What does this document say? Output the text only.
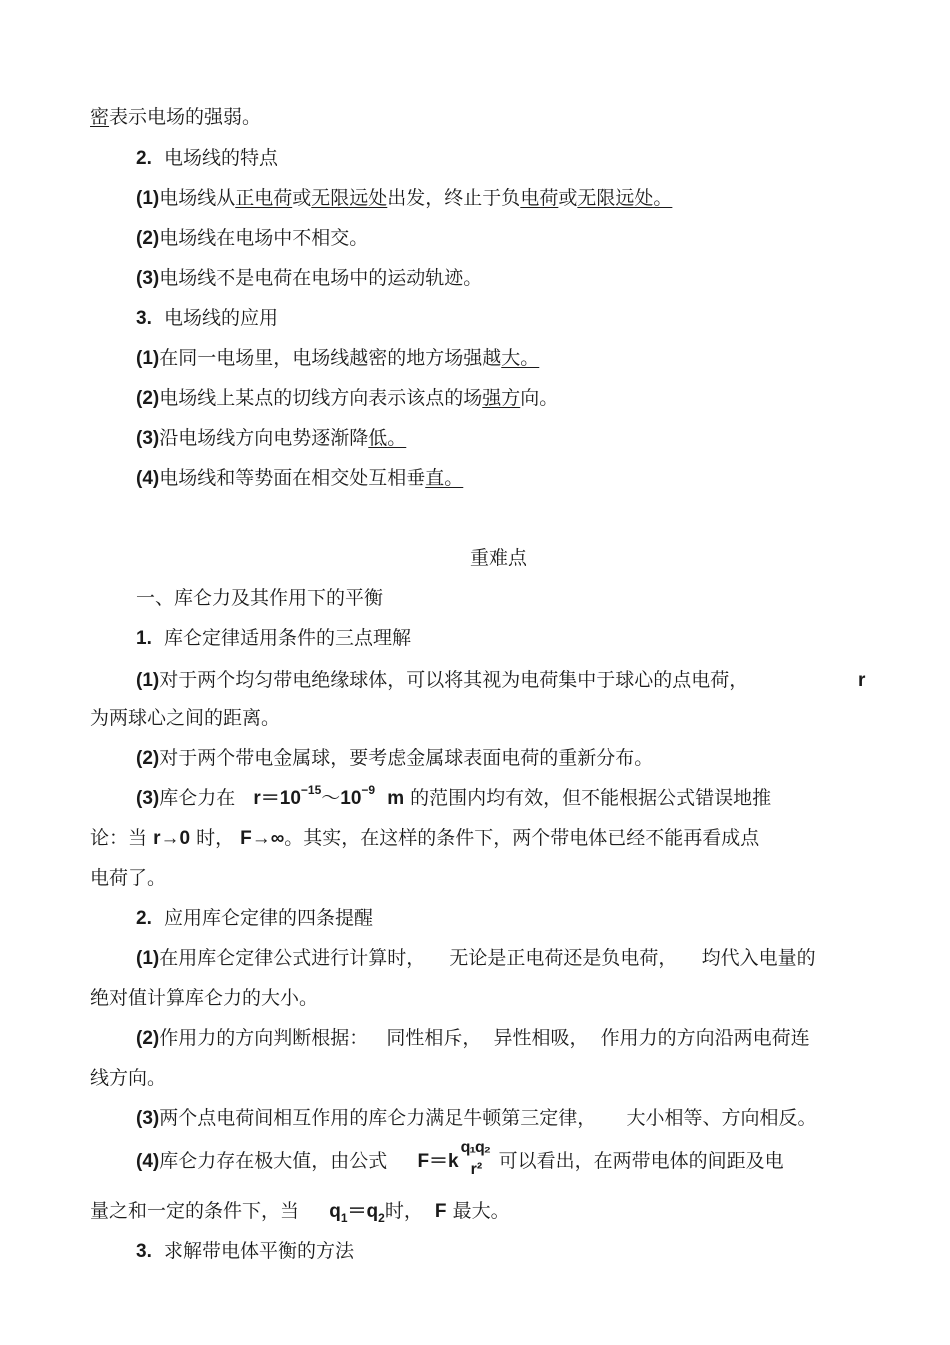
密表示电场的强弱。
2. 电场线的特点
(1)电场线从正电荷或无限远处出发，终止于负电荷或无限远处。
(2)电场线在电场中不相交。
(3)电场线不是电荷在电场中的运动轨迹。
3. 电场线的应用
(1)在同一电场里，电场线越密的地方场强越大。
(2)电场线上某点的切线方向表示该点的场强方向。
(3)沿电场线方向电势逐渐降低。
(4)电场线和等势面在相交处互相垂直。
重难点
一、库仑力及其作用下的平衡
1. 库仑定律适用条件的三点理解
(1)对于两个均匀带电绝缘球体，可以将其视为电荷集中于球心的点电荷，	r
为两球心之间的距离。
(2)对于两个带电金属球，要考虑金属球表面电荷的重新分布。
(3)库仑力在 $r=10^{-15}\sim 10^{-9}$ m 的范围内均有效，但不能根据公式错误地推
论：当 r→0 时， F→∞。其实，在这样的条件下，两个带电体已经不能再看成点
电荷了。
2. 应用库仑定律的四条提醒
(1)在用库仑定律公式进行计算时， 无论是正电荷还是负电荷， 均代入电量的
绝对值计算库仑力的大小。
(2)作用力的方向判断根据： 同性相斥， 异性相吸， 作用力的方向沿两电荷连
线方向。
(3)两个点电荷间相互作用的库仑力满足牛顿第三定律， 大小相等、方向相反。
(4)库仑力存在极大值，由公式 F＝k
q₁q₂
r² 可以看出，在两带电体的间距及电
量之和一定的条件下，当 $q_1=q_2$时， F 最大。
3. 求解带电体平衡的方法
